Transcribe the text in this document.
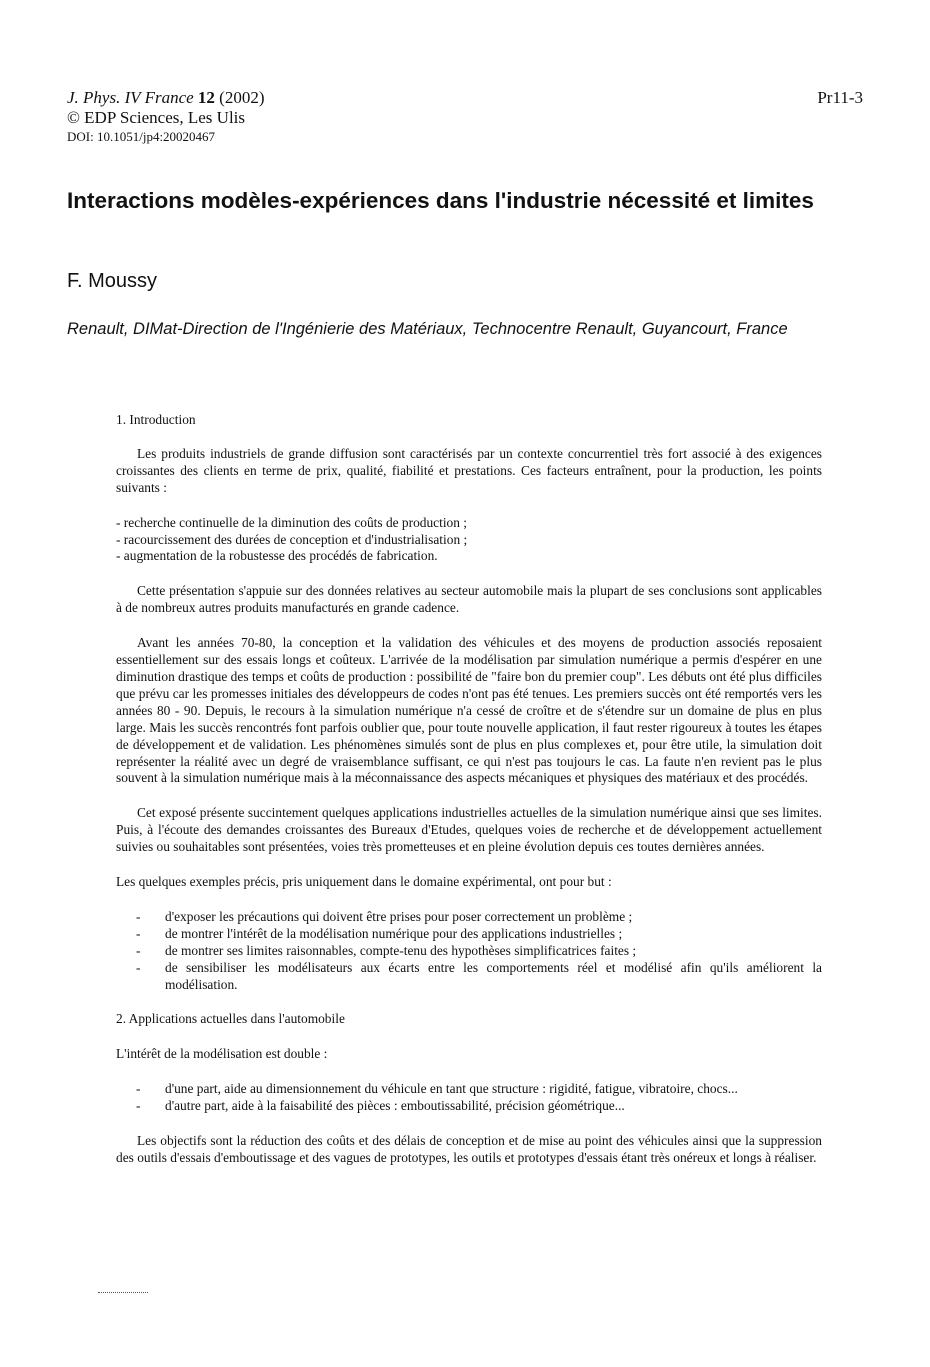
J. Phys. IV France 12 (2002)
© EDP Sciences, Les Ulis
DOI: 10.1051/jp4:20020467
Pr11-3
Interactions modèles-expériences dans l'industrie nécessité et limites
F. Moussy
Renault, DIMat-Direction de l'Ingénierie des Matériaux, Technocentre Renault, Guyancourt, France

1. Introduction

Les produits industriels de grande diffusion sont caractérisés par un contexte concurrentiel très fort associé à des exigences croissantes des clients en terme de prix, qualité, fiabilité et prestations. Ces facteurs entraînent, pour la production, les points suivants :

- recherche continuelle de la diminution des coûts de production ;
- racourcissement des durées de conception et d'industrialisation ;
- augmentation de la robustesse des procédés de fabrication.

Cette présentation s'appuie sur des données relatives au secteur automobile mais la plupart de ses conclusions sont applicables à de nombreux autres produits manufacturés en grande cadence.

Avant les années 70-80, la conception et la validation des véhicules et des moyens de production associés reposaient essentiellement sur des essais longs et coûteux. L'arrivée de la modélisation par simulation numérique a permis d'espérer en une diminution drastique des temps et coûts de production : possibilité de "faire bon du premier coup". Les débuts ont été plus difficiles que prévu car les promesses initiales des développeurs de codes n'ont pas été tenues. Les premiers succès ont été remportés vers les années 80 - 90. Depuis, le recours à la simulation numérique n'a cessé de croître et de s'étendre sur un domaine de plus en plus large. Mais les succès rencontrés font parfois oublier que, pour toute nouvelle application, il faut rester rigoureux à toutes les étapes de développement et de validation. Les phénomènes simulés sont de plus en plus complexes et, pour être utile, la simulation doit représenter la réalité avec un degré de vraisemblance suffisant, ce qui n'est pas toujours le cas. La faute n'en revient pas le plus souvent à la simulation numérique mais à la méconnaissance des aspects mécaniques et physiques des matériaux et des procédés.

Cet exposé présente succintement quelques applications industrielles actuelles de la simulation numérique ainsi que ses limites. Puis, à l'écoute des demandes croissantes des Bureaux d'Etudes, quelques voies de recherche et de développement actuellement suivies ou souhaitables sont présentées, voies très prometteuses et en pleine évolution depuis ces toutes dernières années.

Les quelques exemples précis, pris uniquement dans le domaine expérimental, ont pour but :

- d'exposer les précautions qui doivent être prises pour poser correctement un problème ;
- de montrer l'intérêt de la modélisation numérique pour des applications industrielles ;
- de montrer ses limites raisonnables, compte-tenu des hypothèses simplificatrices faites ;
- de sensibiliser les modélisateurs aux écarts entre les comportements réel et modélisé afin qu'ils améliorent la modélisation.

2. Applications actuelles dans l'automobile

L'intérêt de la modélisation est double :

- d'une part, aide au dimensionnement du véhicule en tant que structure : rigidité, fatigue, vibratoire, chocs...
- d'autre part, aide à la faisabilité des pièces : emboutissabilité, précision géométrique...

Les objectifs sont la réduction des coûts et des délais de conception et de mise au point des véhicules ainsi que la suppression des outils d'essais d'emboutissage et des vagues de prototypes, les outils et prototypes d'essais étant très onéreux et longs à réaliser.
